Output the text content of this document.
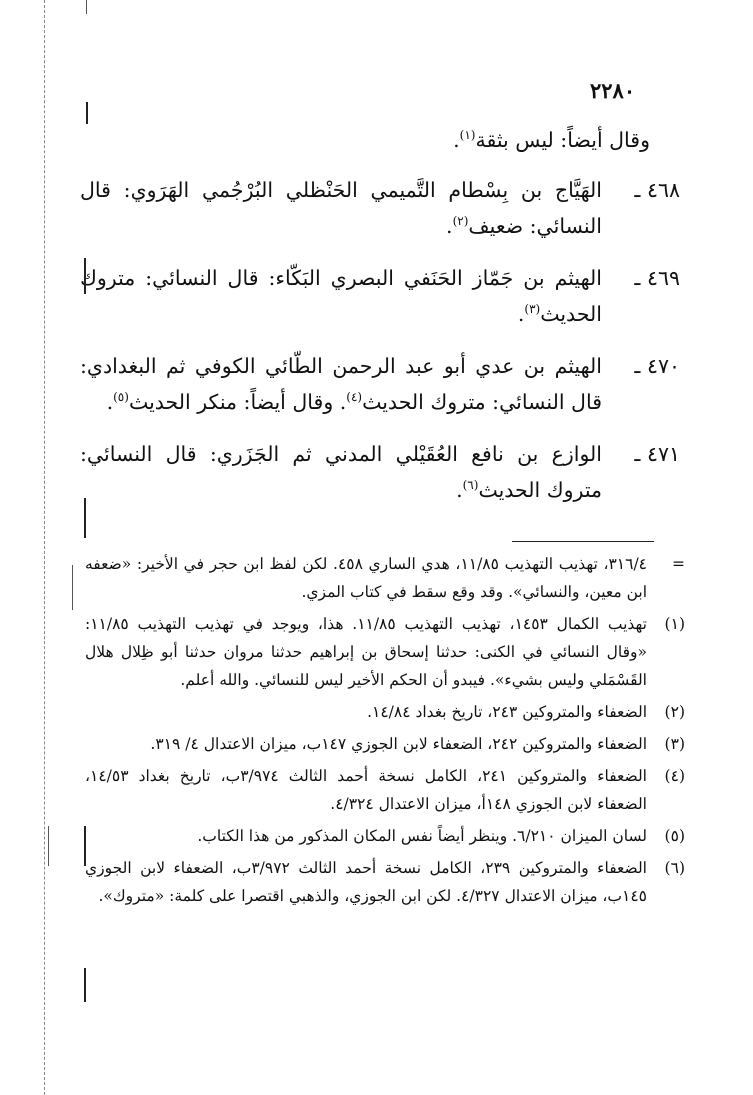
٢٢٨٠

وقال أيضاً: ليس بثقة$^{(١)}$.

٤٦٨ ـ
الهَيَّاج بن بِسْطام التَّميمي الحَنْظلي البُرْجُمي الهَرَوي: قال النسائي: ضعيف$^{(٢)}$.
٤٦٩ ـ
الهيثم بن جَمّاز الحَنَفي البصري البَكّاء: قال النسائي: متروك الحديث$^{(٣)}$.
٤٧٠ ـ
الهيثم بن عدي أبو عبد الرحمن الطّائي الكوفي ثم البغدادي: قال النسائي: متروك الحديث$^{(٤)}$. وقال أيضاً: منكر الحديث$^{(٥)}$.
٤٧١ ـ
الوازع بن نافع العُقَيْلي المدني ثم الجَزَري: قال النسائي: متروك الحديث$^{(٦)}$.
=
٣١٦/٤، تهذيب التهذيب ١١/٨٥، هدي الساري ٤٥٨. لكن لفظ ابن حجر في الأخير: «ضعفه ابن معين، والنسائي». وقد وقع سقط في كتاب المزي.
(١)
تهذيب الكمال ١٤٥٣، تهذيب التهذيب ١١/٨٥. هذا، ويوجد في تهذيب التهذيب ١١/٨٥: «وقال النسائي في الكنى: حدثنا إسحاق بن إبراهيم حدثنا مروان حدثنا أبو ظِلال هلال القَسْمَلي وليس بشيء». فيبدو أن الحكم الأخير ليس للنسائي. والله أعلم.
(٢)
الضعفاء والمتروكين ٢٤٣، تاريخ بغداد ١٤/٨٤.
(٣)
الضعفاء والمتروكين ٢٤٢، الضعفاء لابن الجوزي ١٤٧ب، ميزان الاعتدال ٤/ ٣١٩.
(٤)
الضعفاء والمتروكين ٢٤١، الكامل نسخة أحمد الثالث ٣/٩٧٤ب، تاريخ بغداد ١٤/٥٣، الضعفاء لابن الجوزي ١٤٨أ، ميزان الاعتدال ٤/٣٢٤.
(٥)
لسان الميزان ٦/٢١٠. وينظر أيضاً نفس المكان المذكور من هذا الكتاب.
(٦)
الضعفاء والمتروكين ٢٣٩، الكامل نسخة أحمد الثالث ٣/٩٧٢ب، الضعفاء لابن الجوزي ١٤٥ب، ميزان الاعتدال ٤/٣٢٧. لكن ابن الجوزي، والذهبي اقتصرا على كلمة: «متروك».
